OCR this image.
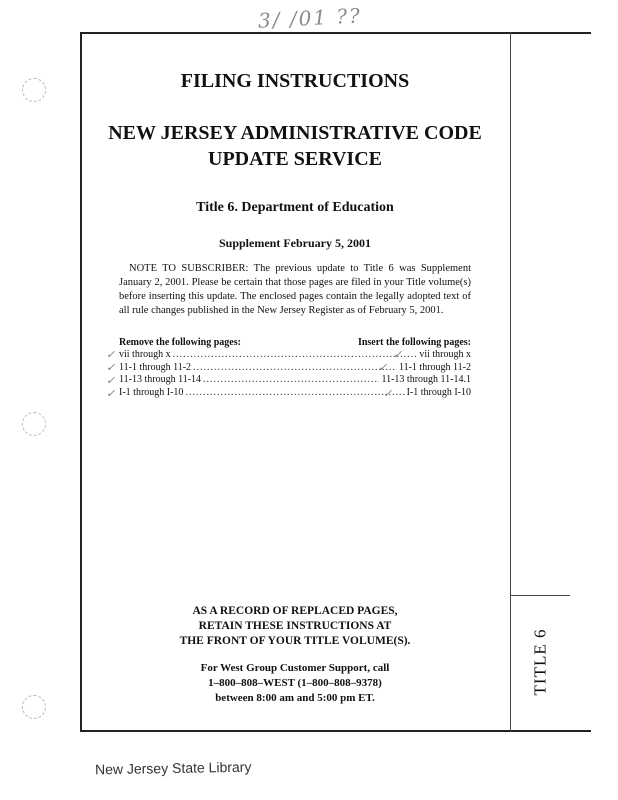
3/ /01 ??
TITLE 6
FILING INSTRUCTIONS
NEW JERSEY ADMINISTRATIVE CODE
UPDATE SERVICE
Title 6. Department of Education
Supplement February 5, 2001

NOTE TO SUBSCRIBER: The previous update to Title 6 was Supplement January 2, 2001. Please be certain that those pages are filed in your Title volume(s) before inserting this update. The enclosed pages contain the legally adopted text of all rule changes published in the New Jersey Register as of February 5, 2001.

Remove the following pages:	Insert the following pages:
vii through x .....	vii through x
11-1 through 11-2 .....	11-1 through 11-2
11-13 through 11-14 .....	11-13 through 11-14.1
I-1 through I-10 .....	I-1 through I-10
✓
✓
✓
✓
✓
✓
✓
AS A RECORD OF REPLACED PAGES,
RETAIN THESE INSTRUCTIONS AT
THE FRONT OF YOUR TITLE VOLUME(S).
For West Group Customer Support, call
1–800–808–WEST (1–800–808–9378)
between 8:00 am and 5:00 pm ET.
New Jersey State Library
